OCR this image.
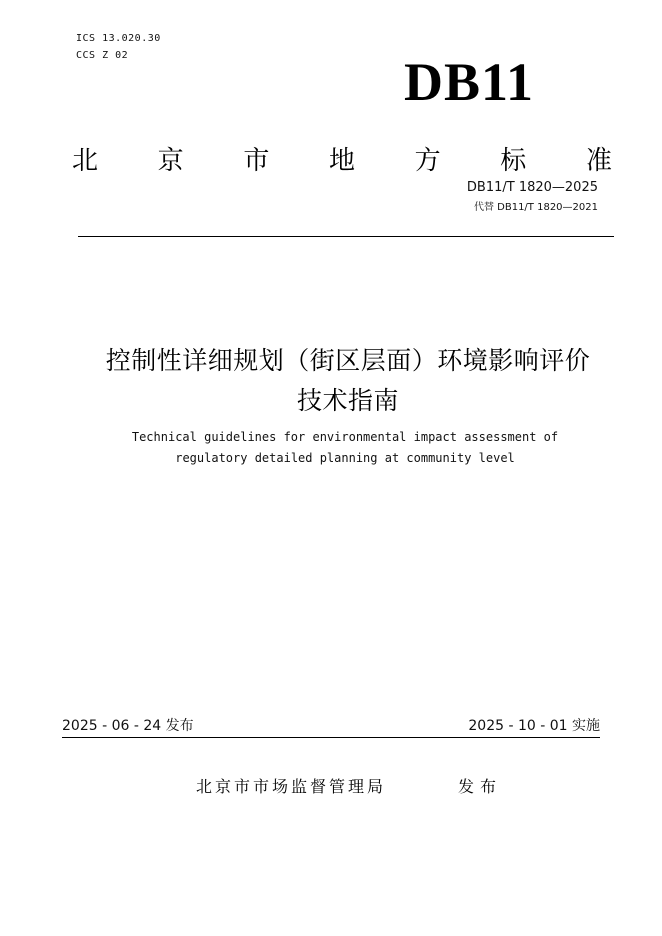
ICS 13.020.30
CCS Z 02	DB11
北 京 市 地 方 标 准
DB11/T 1820—2025
代替 DB11/T 1820—2021
控制性详细规划（街区层面）环境影响评价
技术指南
Technical guidelines for environmental impact assessment of
regulatory detailed planning at community level
2025 - 06 - 24 发布	2025 - 10 - 01 实施
北京市市场监督管理局	发布
